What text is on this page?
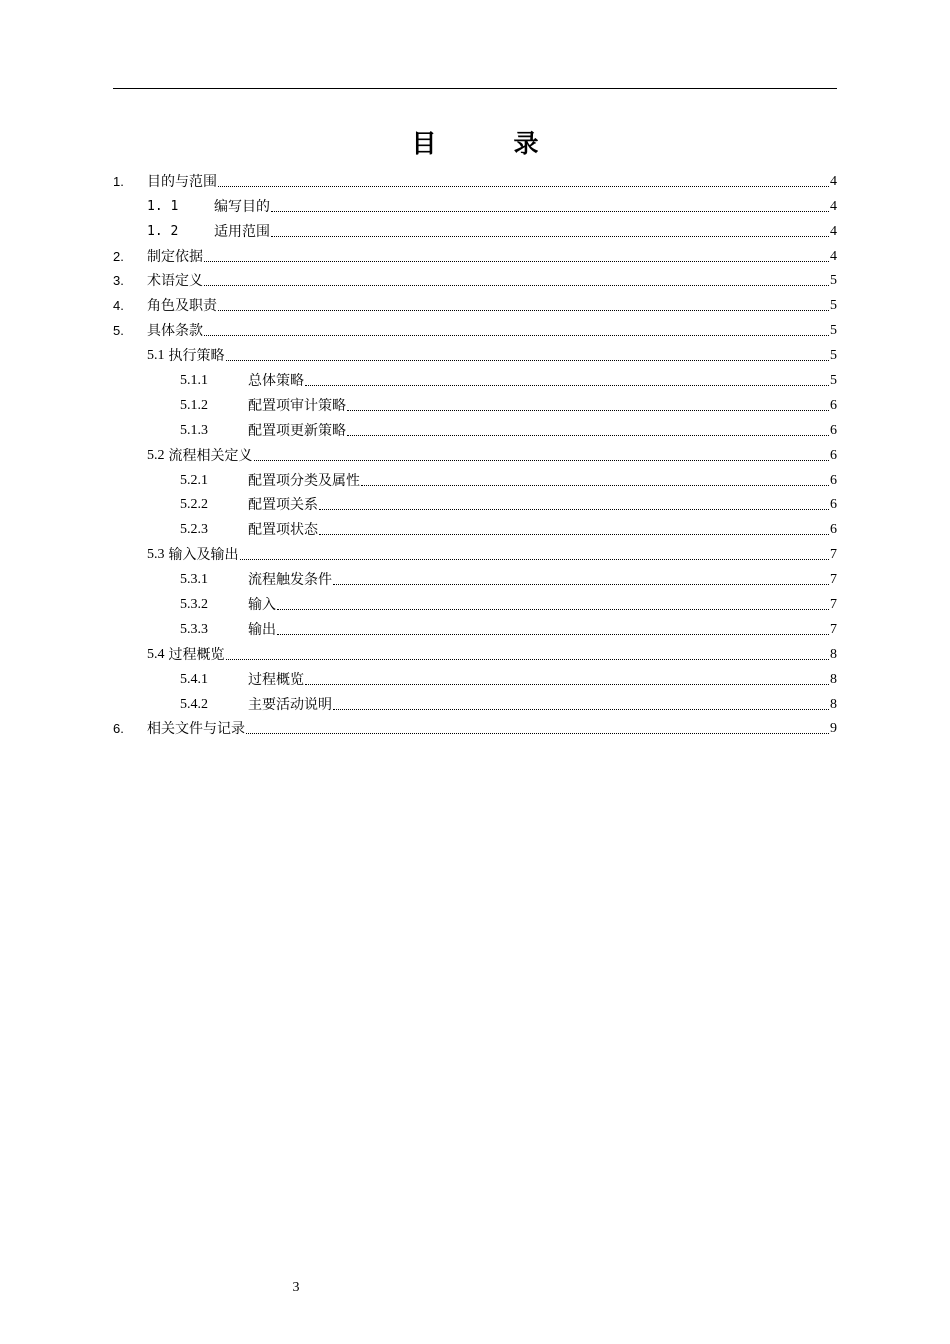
目　录
1.	目的与范围	4
1. 1	编写目的	4
1. 2	适用范围	4
2.	制定依据	4
3.	术语定义	5
4.	角色及职责	5
5.	具体条款	5
5.1 执行策略	5
5.1.1	总体策略	5
5.1.2	配置项审计策略	6
5.1.3	配置项更新策略	6
5.2 流程相关定义	6
5.2.1	配置项分类及属性	6
5.2.2	配置项关系	6
5.2.3	配置项状态	6
5.3 输入及输出	7
5.3.1	流程触发条件	7
5.3.2	输入	7
5.3.3	输出	7
5.4 过程概览	8
5.4.1	过程概览	8
5.4.2	主要活动说明	8
6.	相关文件与记录	9
3
